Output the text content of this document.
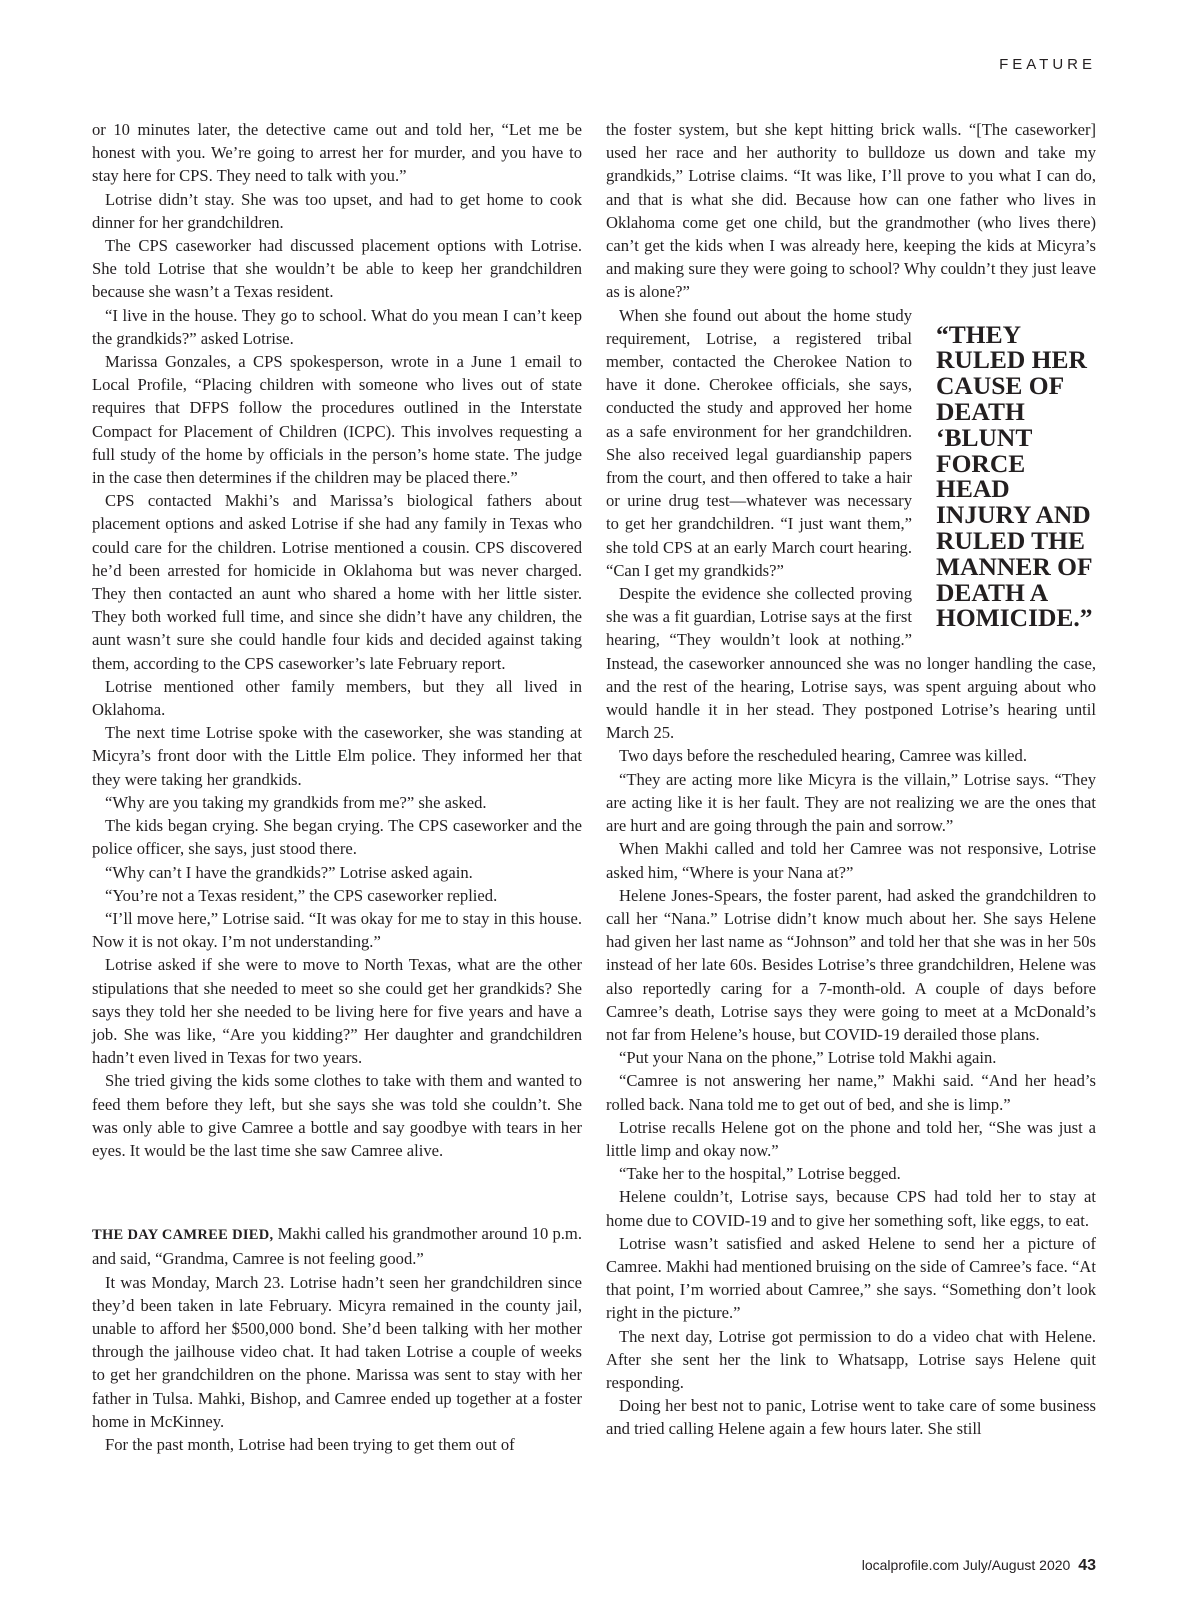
FEATURE

or 10 minutes later, the detective came out and told her, “Let me be honest with you. We’re going to arrest her for murder, and you have to stay here for CPS. They need to talk with you.”

Lotrise didn’t stay. She was too upset, and had to get home to cook dinner for her grandchildren.

The CPS caseworker had discussed placement options with Lotrise. She told Lotrise that she wouldn’t be able to keep her grandchildren because she wasn’t a Texas resident.

“I live in the house. They go to school. What do you mean I can’t keep the grandkids?” asked Lotrise.

Marissa Gonzales, a CPS spokesperson, wrote in a June 1 email to Local Profile, “Placing children with someone who lives out of state requires that DFPS follow the procedures outlined in the Interstate Compact for Placement of Children (ICPC). This involves requesting a full study of the home by officials in the person’s home state. The judge in the case then determines if the children may be placed there.”

CPS contacted Makhi’s and Marissa’s biological fathers about placement options and asked Lotrise if she had any family in Texas who could care for the children. Lotrise mentioned a cousin. CPS discovered he’d been arrested for homicide in Oklahoma but was never charged. They then contacted an aunt who shared a home with her little sister. They both worked full time, and since she didn’t have any children, the aunt wasn’t sure she could handle four kids and decided against taking them, according to the CPS caseworker’s late February report.

Lotrise mentioned other family members, but they all lived in Oklahoma.

The next time Lotrise spoke with the caseworker, she was standing at Micyra’s front door with the Little Elm police. They informed her that they were taking her grandkids.

“Why are you taking my grandkids from me?” she asked.

The kids began crying. She began crying. The CPS caseworker and the police officer, she says, just stood there.

“Why can’t I have the grandkids?” Lotrise asked again.

“You’re not a Texas resident,” the CPS caseworker replied.

“I’ll move here,” Lotrise said. “It was okay for me to stay in this house. Now it is not okay. I’m not understanding.”

Lotrise asked if she were to move to North Texas, what are the other stipulations that she needed to meet so she could get her grandkids? She says they told her she needed to be living here for five years and have a job. She was like, “Are you kidding?” Her daughter and grandchildren hadn’t even lived in Texas for two years.

She tried giving the kids some clothes to take with them and wanted to feed them before they left, but she says she was told she couldn’t. She was only able to give Camree a bottle and say goodbye with tears in her eyes. It would be the last time she saw Camree alive.

THE DAY CAMREE DIED, Makhi called his grandmother around 10 p.m. and said, “Grandma, Camree is not feeling good.”

It was Monday, March 23. Lotrise hadn’t seen her grandchildren since they’d been taken in late February. Micyra remained in the county jail, unable to afford her $500,000 bond. She’d been talking with her mother through the jailhouse video chat. It had taken Lotrise a couple of weeks to get her grandchildren on the phone. Marissa was sent to stay with her father in Tulsa. Mahki, Bishop, and Camree ended up together at a foster home in McKinney.

For the past month, Lotrise had been trying to get them out of

the foster system, but she kept hitting brick walls. “[The caseworker] used her race and her authority to bulldoze us down and take my grandkids,” Lotrise claims. “It was like, I’ll prove to you what I can do, and that is what she did. Because how can one father who lives in Oklahoma come get one child, but the grandmother (who lives there) can’t get the kids when I was already here, keeping the kids at Micyra’s and making sure they were going to school? Why couldn’t they just leave as is alone?”

“THEY RULED HER CAUSE OF DEATH ‘BLUNT FORCE HEAD INJURY AND RULED THE MANNER OF DEATH A HOMICIDE.”

When she found out about the home study requirement, Lotrise, a registered tribal member, contacted the Cherokee Nation to have it done. Cherokee officials, she says, conducted the study and approved her home as a safe environment for her grandchildren. She also received legal guardianship papers from the court, and then offered to take a hair or urine drug test—whatever was necessary to get her grandchildren. “I just want them,” she told CPS at an early March court hearing. “Can I get my grandkids?”

Despite the evidence she collected proving she was a fit guardian, Lotrise says at the first hearing, “They wouldn’t look at nothing.” Instead, the caseworker announced she was no longer handling the case, and the rest of the hearing, Lotrise says, was spent arguing about who would handle it in her stead. They postponed Lotrise’s hearing until March 25.

Two days before the rescheduled hearing, Camree was killed.

“They are acting more like Micyra is the villain,” Lotrise says. “They are acting like it is her fault. They are not realizing we are the ones that are hurt and are going through the pain and sorrow.”

When Makhi called and told her Camree was not responsive, Lotrise asked him, “Where is your Nana at?”

Helene Jones-Spears, the foster parent, had asked the grandchildren to call her “Nana.” Lotrise didn’t know much about her. She says Helene had given her last name as “Johnson” and told her that she was in her 50s instead of her late 60s. Besides Lotrise’s three grandchildren, Helene was also reportedly caring for a 7-month-old. A couple of days before Camree’s death, Lotrise says they were going to meet at a McDonald’s not far from Helene’s house, but COVID-19 derailed those plans.

“Put your Nana on the phone,” Lotrise told Makhi again.

“Camree is not answering her name,” Makhi said. “And her head’s rolled back. Nana told me to get out of bed, and she is limp.”

Lotrise recalls Helene got on the phone and told her, “She was just a little limp and okay now.”

“Take her to the hospital,” Lotrise begged.

Helene couldn’t, Lotrise says, because CPS had told her to stay at home due to COVID-19 and to give her something soft, like eggs, to eat.

Lotrise wasn’t satisfied and asked Helene to send her a picture of Camree. Makhi had mentioned bruising on the side of Camree’s face. “At that point, I’m worried about Camree,” she says. “Something don’t look right in the picture.”

The next day, Lotrise got permission to do a video chat with Helene. After she sent her the link to Whatsapp, Lotrise says Helene quit responding.

Doing her best not to panic, Lotrise went to take care of some business and tried calling Helene again a few hours later. She still

localprofile.com July/August 2020 43
